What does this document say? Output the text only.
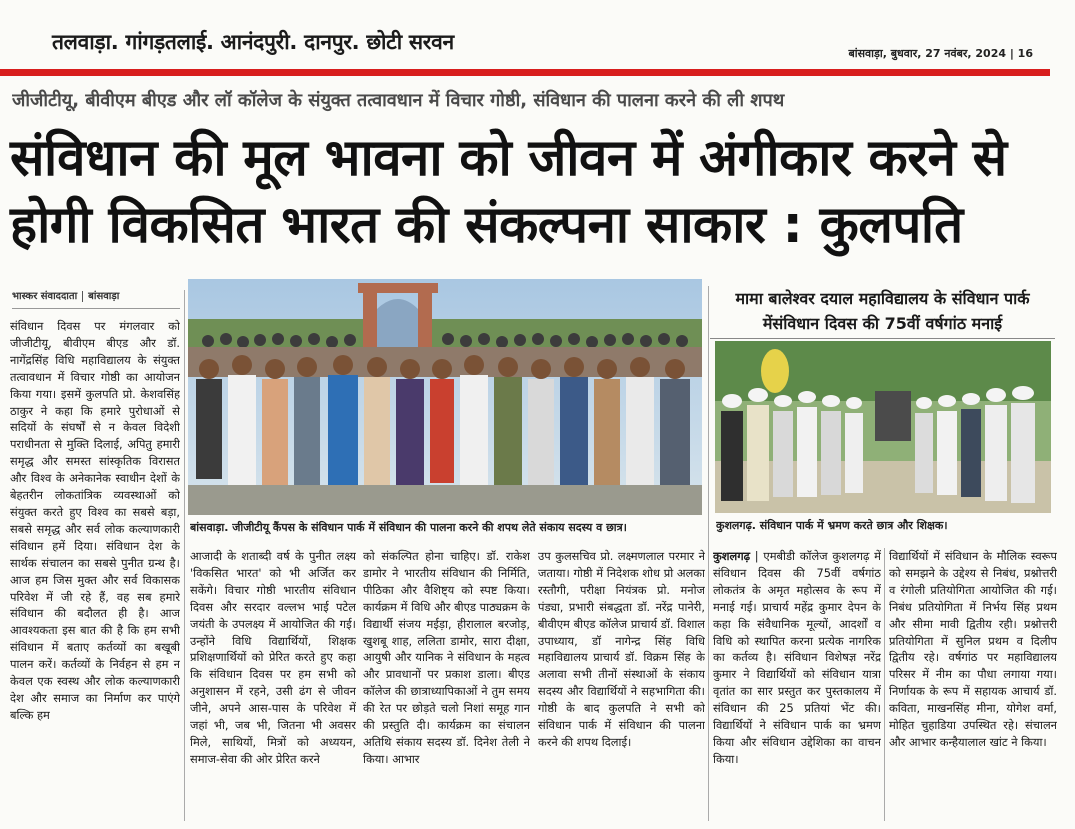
तलवाड़ा. गांगड़तलाई. आनंदपुरी. दानपुर. छोटी सरवन	बांसवाड़ा, बुधवार, 27 नवंबर, 2024 | 16
जीजीटीयू, बीवीएम बीएड और लॉ कॉलेज के संयुक्त तत्वावधान में विचार गोष्ठी, संविधान की पालना करने की ली शपथ
संविधान की मूल भावना को जीवन में अंगीकार करने से
होगी विकसित भारत की संकल्पना साकार : कुलपति
भास्कर संवाददाता बांसवाड़ा
संविधान दिवस पर मंगलवार को जीजीटीयू, बीवीएम बीएड और डॉ. नागेंद्रसिंह विधि महाविद्यालय के संयुक्त तत्वावधान में विचार गोष्ठी का आयोजन किया गया। इसमें कुलपति प्रो. केशवसिंह ठाकुर ने कहा कि हमारे पुरोधाओं से सदियों के संघर्षों से न केवल विदेशी पराधीनता से मुक्ति दिलाई, अपितु हमारी समृद्ध और समस्त सांस्कृतिक विरासत और विश्व के अनेकानेक स्वाधीन देशों के बेहतरीन लोकतांत्रिक व्यवस्थाओं को संयुक्त करते हुए विश्व का सबसे बड़ा, सबसे समृद्ध और सर्व लोक कल्याणकारी संविधान हमें दिया। संविधान देश के सार्थक संचालन का सबसे पुनीत ग्रन्थ है। आज हम जिस मुक्त और सर्व विकासक परिवेश में जी रहे हैं, वह सब हमारे संविधान की बदौलत ही है। आज आवश्यकता इस बात की है कि हम सभी संविधान में बताए कर्तव्यों का बखूबी पालन करें। कर्तव्यों के निर्वहन से हम न केवल एक स्वस्थ और लोक कल्याणकारी देश और समाज का निर्माण कर पाएंगे बल्कि हम
बांसवाड़ा. जीजीटीयू कैंपस के संविधान पार्क में संविधान की पालना करने की शपथ लेते संकाय सदस्य व छात्र।
आजादी के शताब्दी वर्ष के पुनीत लक्ष्य 'विकसित भारत' को भी अर्जित कर सकेंगे। विचार गोष्ठी भारतीय संविधान दिवस और सरदार वल्लभ भाई पटेल जयंती के उपलक्ष्य में आयोजित की गई। उन्होंने विधि विद्यार्थियों, शिक्षक प्रशिक्षणार्थियों को प्रेरित करते हुए कहा कि संविधान दिवस पर हम सभी को अनुशासन में रहने, उसी ढंग से जीवन जीने, अपने आस-पास के परिवेश में जहां भी, जब भी, जितना भी अवसर मिले, साथियों, मित्रों को अध्ययन, समाज-सेवा की ओर प्रेरित करने
को संकल्पित होना चाहिए। डॉ. राकेश डामोर ने भारतीय संविधान की निर्मिति, पीठिका और वैशिष्ट्य को स्पष्ट किया। कार्यक्रम में विधि और बीएड पाठ्यक्रम के विद्यार्थी संजय मईड़ा, हीरालाल बरजोड़, खुशबू शाह, ललिता डामोर, सारा दीक्षा, आयुषी और यानिक ने संविधान के महत्व और प्रावधानों पर प्रकाश डाला। बीएड कॉलेज की छात्राध्यापिकाओं ने तुम समय की रेत पर छोड़ते चलो निशां समूह गान की प्रस्तुति दी। कार्यक्रम का संचालन अतिथि संकाय सदस्य डॉ. दिनेश तेली ने किया। आभार
उप कुलसचिव प्रो. लक्ष्मणलाल परमार ने जताया। गोष्ठी में निदेशक शोध प्रो अलका रस्तौगी, परीक्षा नियंत्रक प्रो. मनोज पंड्या, प्रभारी संबद्धता डॉ. नरेंद्र पानेरी, बीवीएम बीएड कॉलेज प्राचार्य डॉ. विशाल उपाध्याय, डॉ नागेन्द्र सिंह विधि महाविद्यालय प्राचार्य डॉ. विक्रम सिंह के अलावा सभी तीनों संस्थाओं के संकाय सदस्य और विद्यार्थियों ने सहभागिता की। गोष्ठी के बाद कुलपति ने सभी को संविधान पार्क में संविधान की पालना करने की शपथ दिलाई।
मामा बालेश्वर दयाल महाविद्यालय के संविधान पार्क मेंसंविधान दिवस की 75वीं वर्षगांठ मनाई
कुशलगढ़. संविधान पार्क में भ्रमण करते छात्र और शिक्षक।
कुशलगढ़ | एमबीडी कॉलेज कुशलगढ़ में संविधान दिवस की 75वीं वर्षगांठ लोकतंत्र के अमृत महोत्सव के रूप में मनाई गई। प्राचार्य महेंद्र कुमार देपन के कहा कि संवैधानिक मूल्यों, आदर्शों व विधि को स्थापित करना प्रत्येक नागरिक का कर्तव्य है। संविधान विशेषज्ञ नरेंद्र कुमार ने विद्यार्थियों को संविधान यात्रा वृतांत का सार प्रस्तुत कर पुस्तकालय में संविधान की 25 प्रतियां भेंट की। विद्यार्थियों ने संविधान पार्क का भ्रमण किया और संविधान उद्देशिका का वाचन किया।
विद्यार्थियों में संविधान के मौलिक स्वरूप को समझने के उद्देश्य से निबंध, प्रश्नोत्तरी व रंगोली प्रतियोगिता आयोजित की गई। निबंध प्रतियोगिता में निर्भय सिंह प्रथम और सीमा मावी द्वितीय रही। प्रश्नोत्तरी प्रतियोगिता में सुनिल प्रथम व दिलीप द्वितीय रहे। वर्षगांठ पर महाविद्यालय परिसर में नीम का पौधा लगाया गया। निर्णायक के रूप में सहायक आचार्य डॉ. कविता, माखनसिंह मीना, योगेश वर्मा, मोहित चुहाडिया उपस्थित रहे। संचालन और आभार कन्हैयालाल खांट ने किया।
